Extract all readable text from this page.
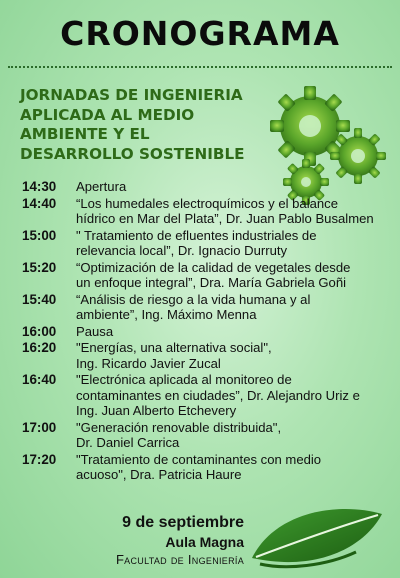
CRONOGRAMA
JORNADAS DE INGENIERIA
APLICADA AL MEDIO
AMBIENTE Y EL
DESARROLLO SOSTENIBLE
14:30 Apertura
14:40 “Los humedales electroquímicos y el balance
hídrico en Mar del Plata”, Dr. Juan Pablo Busalmen
15:00 " Tratamiento de efluentes industriales de
relevancia local”, Dr. Ignacio Durruty
15:20 “Optimización de la calidad de vegetales desde
un enfoque integral”, Dra. María Gabriela Goñi
15:40 “Análisis de riesgo a la vida humana y al
ambiente”, Ing. Máximo Menna
16:00 Pausa
16:20 "Energías, una alternativa social",
Ing. Ricardo Javier Zucal
16:40 "Electrónica aplicada al monitoreo de
contaminantes en ciudades”, Dr. Alejandro Uriz e
Ing. Juan Alberto Etchevery
17:00 "Generación renovable distribuida",
Dr. Daniel Carrica
17:20 "Tratamiento de contaminantes con medio
acuoso", Dra. Patricia Haure
9 de septiembre
Aula Magna
Facultad de Ingeniería
